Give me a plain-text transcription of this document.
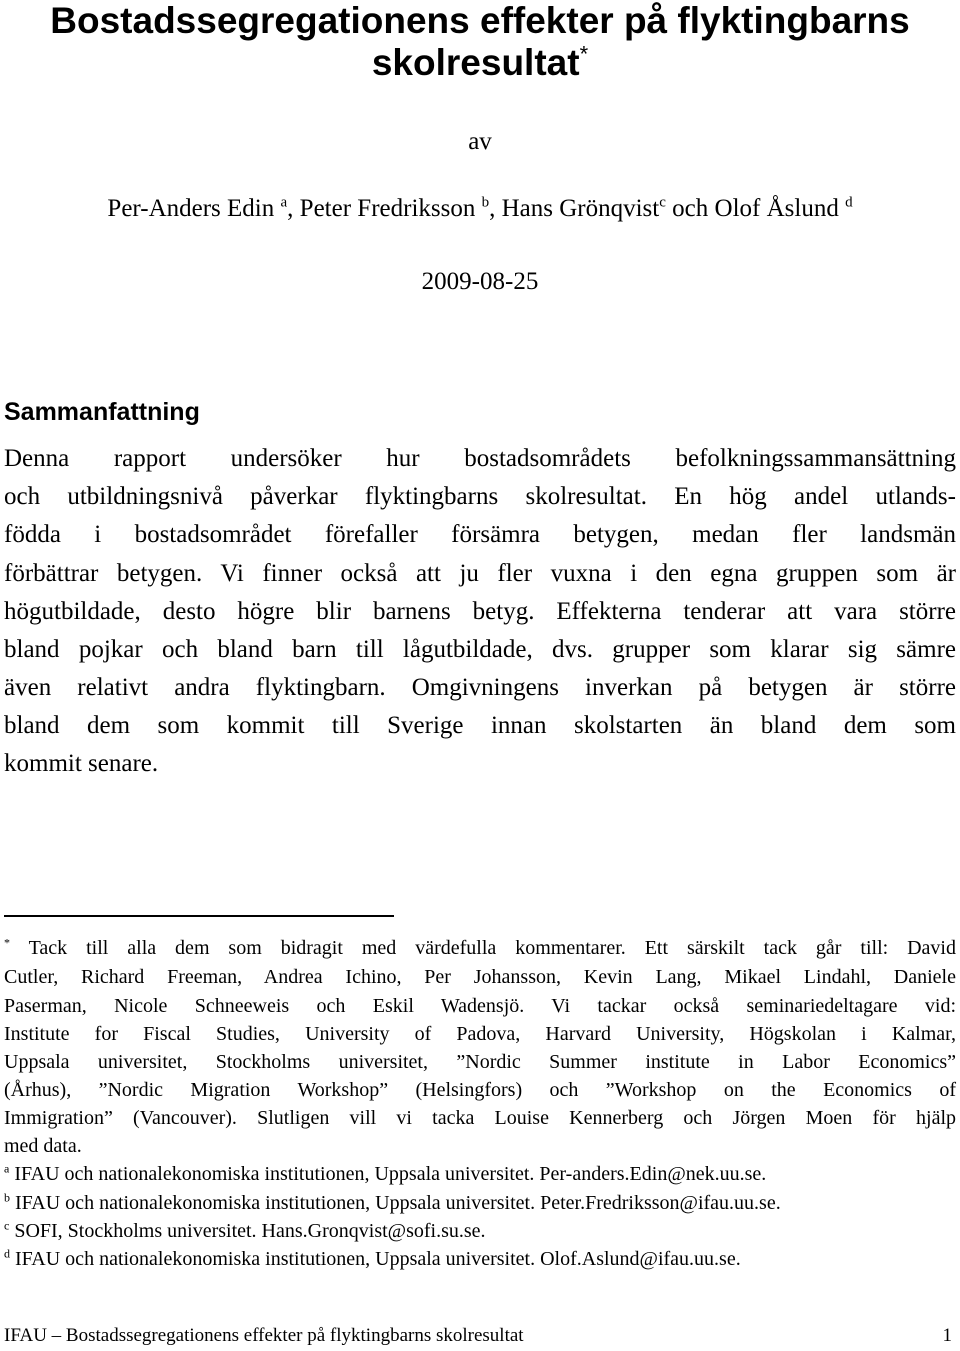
Bostadssegregationens effekter på flyktingbarns
skolresultat*
av
Per-Anders Edin $^a$, Peter Fredriksson $^b$, Hans Grönqvist$^c$ och Olof Åslund $^d$
2009-08-25
Sammanfattning
Denna rapport undersöker hur bostadsområdets befolkningssammansättning
och utbildningsnivå påverkar flyktingbarns skolresultat. En hög andel utlands-
födda i bostadsområdet förefaller försämra betygen, medan fler landsmän
förbättrar betygen. Vi finner också att ju fler vuxna i den egna gruppen som är
högutbildade, desto högre blir barnens betyg. Effekterna tenderar att vara större
bland pojkar och bland barn till lågutbildade, dvs. grupper som klarar sig sämre
även relativt andra flyktingbarn. Omgivningens inverkan på betygen är större
bland dem som kommit till Sverige innan skolstarten än bland dem som
kommit senare.
* Tack till alla dem som bidragit med värdefulla kommentarer. Ett särskilt tack går till: David
Cutler, Richard Freeman, Andrea Ichino, Per Johansson, Kevin Lang, Mikael Lindahl, Daniele
Paserman, Nicole Schneeweis och Eskil Wadensjö. Vi tackar också seminariedeltagare vid:
Institute for Fiscal Studies, University of Padova, Harvard University, Högskolan i Kalmar,
Uppsala universitet, Stockholms universitet, ”Nordic Summer institute in Labor Economics”
(Århus), ”Nordic Migration Workshop” (Helsingfors) och ”Workshop on the Economics of
Immigration” (Vancouver). Slutligen vill vi tacka Louise Kennerberg och Jörgen Moen för hjälp
med data.
$^a$ IFAU och nationalekonomiska institutionen, Uppsala universitet. Per-anders.Edin@nek.uu.se.
$^b$ IFAU och nationalekonomiska institutionen, Uppsala universitet. Peter.Fredriksson@ifau.uu.se.
$^c$ SOFI, Stockholms universitet. Hans.Gronqvist@sofi.su.se.
$^d$ IFAU och nationalekonomiska institutionen, Uppsala universitet. Olof.Aslund@ifau.uu.se.
IFAU – Bostadssegregationens effekter på flyktingbarns skolresultat	1
